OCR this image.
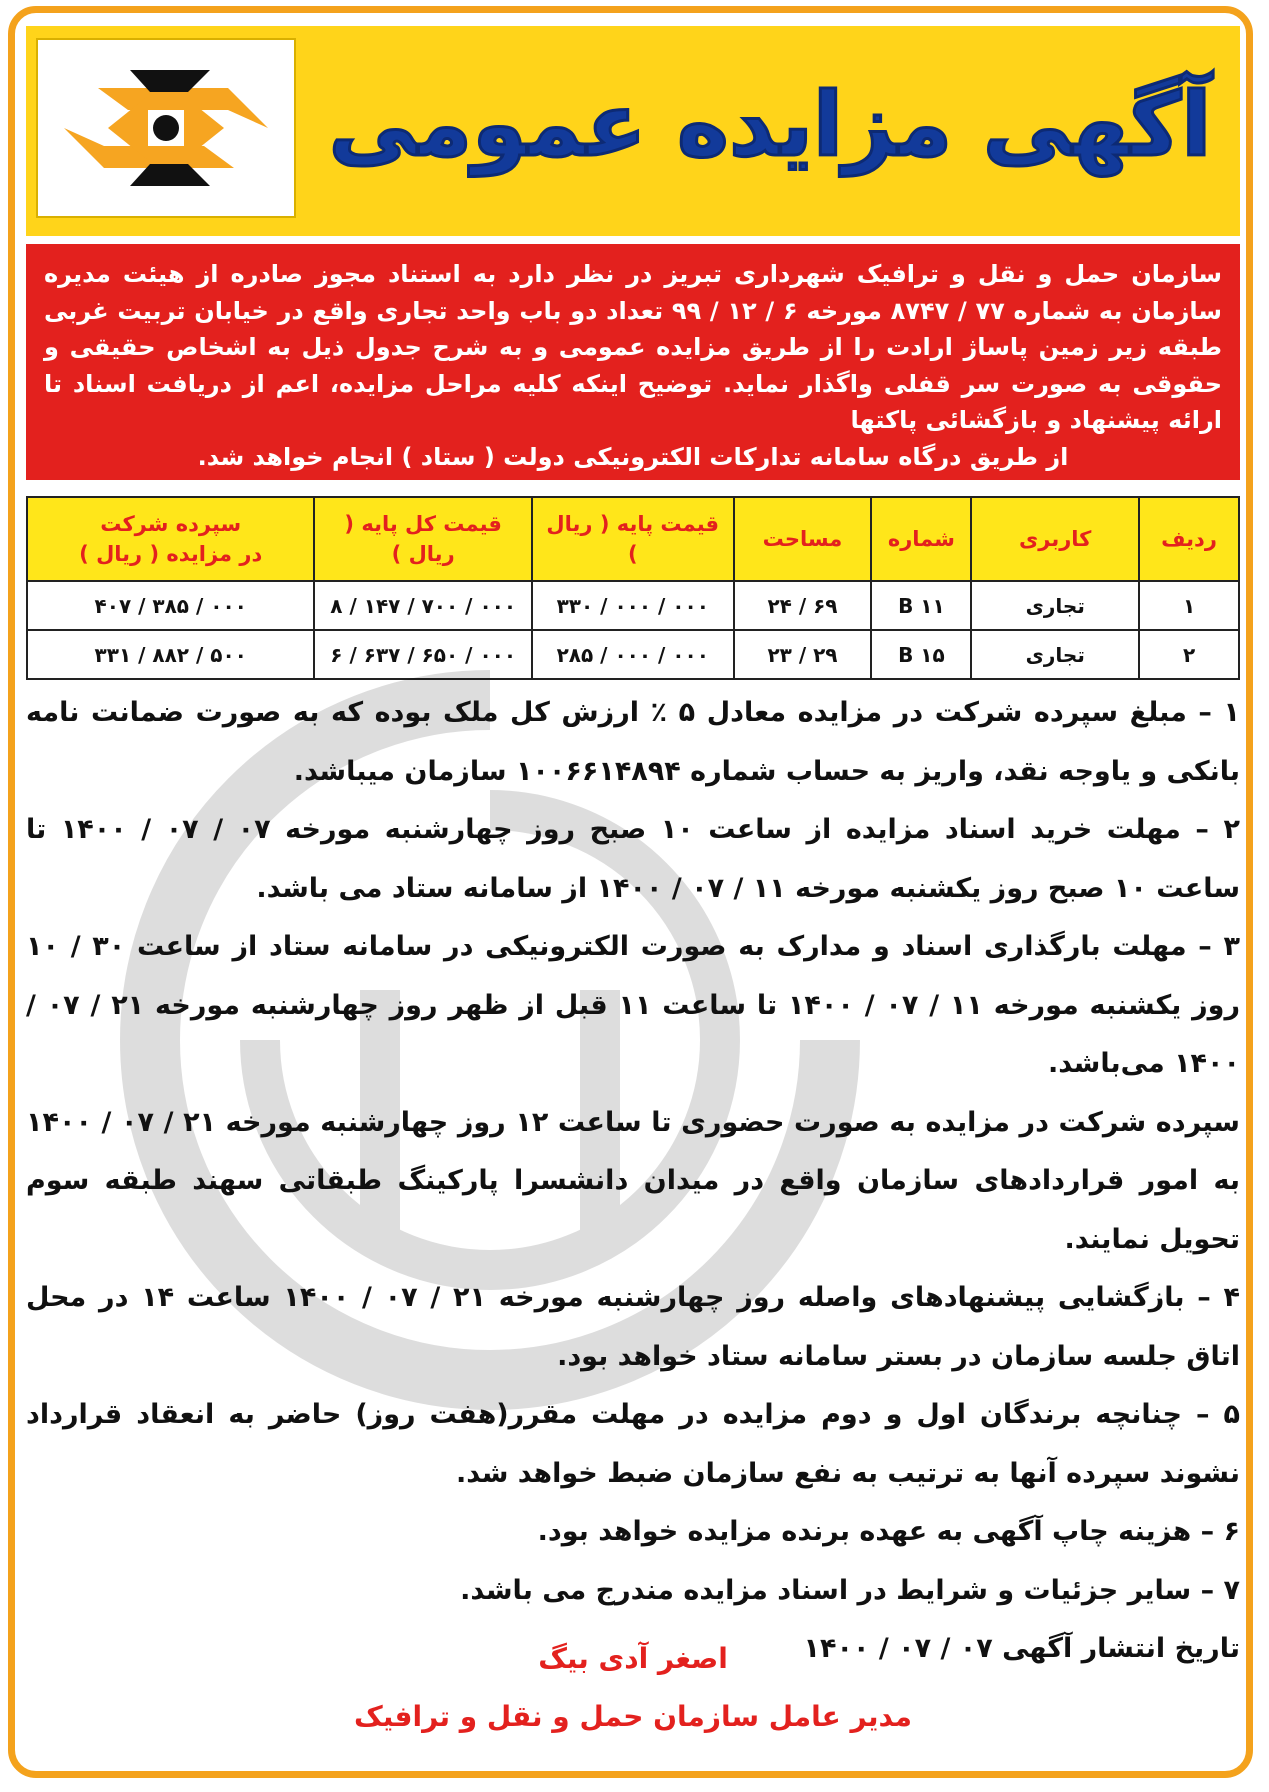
آگهی مزایده عمومی
سازمان حمل و نقل و ترافیک شهرداری تبریز در نظر دارد به استناد مجوز صادره از هیئت مدیره سازمان به شماره ۷۷ / ۸۷۴۷ مورخه ۶ / ۱۲ / ۹۹ تعداد دو باب واحد تجاری واقع در خیابان تربیت غربی طبقه زیر زمین پاساژ ارادت را از طریق مزایده عمومی و به شرح جدول ذیل به اشخاص حقیقی و حقوقی به صورت سر قفلی واگذار نماید. توضیح اینکه کلیه مراحل مزایده، اعم از دریافت اسناد تا ارائه پیشنهاد و بازگشائی پاکتها
از طریق درگاه سامانه تدارکات الکترونیکی دولت ( ستاد ) انجام خواهد شد.
ردیف	کاربری	شماره	مساحت	قیمت پایه ( ریال )	قیمت کل پایه ( ریال )	سپرده شرکت
در مزایده ( ریال )

۱	تجاری	B ۱۱	۶۹ / ۲۴	۰۰۰ / ۰۰۰ / ۳۳۰	۰۰۰ / ۷۰۰ / ۱۴۷ / ۸	۰۰۰ / ۳۸۵ / ۴۰۷
۲	تجاری	B ۱۵	۲۹ / ۲۳	۰۰۰ / ۰۰۰ / ۲۸۵	۰۰۰ / ۶۵۰ / ۶۳۷ / ۶	۵۰۰ / ۸۸۲ / ۳۳۱

۱ – مبلغ سپرده شرکت در مزایده معادل ۵ ٪ ارزش کل ملک بوده که به صورت ضمانت نامه بانکی و یاوجه نقد، واریز به حساب شماره ۱۰۰۶۶۱۴۸۹۴ سازمان میباشد.

۲ – مهلت خرید اسناد مزایده از ساعت ۱۰ صبح روز چهارشنبه مورخه ۰۷ / ۰۷ / ۱۴۰۰ تا ساعت ۱۰ صبح روز یکشنبه مورخه ۱۱ / ۰۷ / ۱۴۰۰ از سامانه ستاد می باشد.

۳ – مهلت بارگذاری اسناد و مدارک به صورت الکترونیکی در سامانه ستاد از ساعت ۳۰ / ۱۰ روز یکشنبه مورخه ۱۱ / ۰۷ / ۱۴۰۰ تا ساعت ۱۱ قبل از ظهر روز چهارشنبه مورخه ۲۱ / ۰۷ / ۱۴۰۰ می‌باشد.

سپرده شرکت در مزایده به صورت حضوری تا ساعت ۱۲ روز چهارشنبه مورخه ۲۱ / ۰۷ / ۱۴۰۰ به امور قراردادهای سازمان واقع در میدان دانشسرا پارکینگ طبقاتی سهند طبقه سوم تحویل نمایند.

۴ – بازگشایی پیشنهادهای واصله روز چهارشنبه مورخه ۲۱ / ۰۷ / ۱۴۰۰ ساعت ۱۴ در محل اتاق جلسه سازمان در بستر سامانه ستاد خواهد بود.

۵ – چنانچه برندگان اول و دوم مزایده در مهلت مقرر(هفت روز) حاضر به انعقاد قرارداد نشوند سپرده آنها به ترتیب به نفع سازمان ضبط خواهد شد.

۶ – هزینه چاپ آگهی به عهده برنده مزایده خواهد بود.

۷ – سایر جزئیات و شرایط در اسناد مزایده مندرج می باشد.

تاریخ انتشار آگهی ۰۷ / ۰۷ / ۱۴۰۰

اصغر آدی بیگ
مدیر عامل سازمان حمل و نقل و ترافیک
